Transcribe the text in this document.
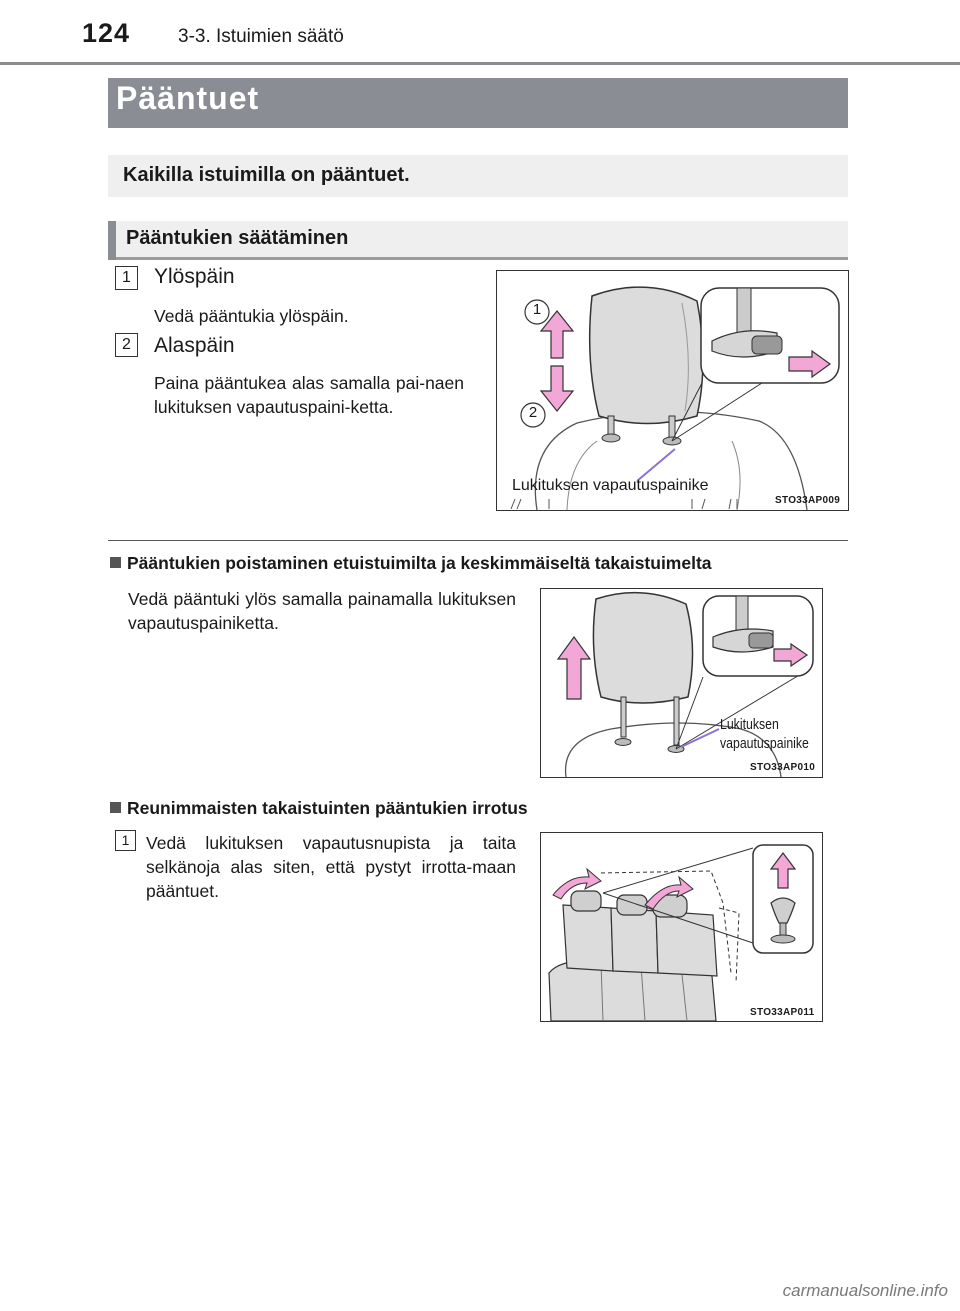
124	3-3. Istuimien säätö
Pääntuet
Kaikilla istuimilla on pääntuet.
Pääntukien säätäminen
1	Ylöspäin
Vedä pääntukia ylöspäin.
2	Alaspäin
Paina pääntukea alas samalla pai-naen lukituksen vapautuspaini-ketta.
1
2
Lukituksen vapautuspainike
STO33AP009
Pääntukien poistaminen etuistuimilta ja keskimmäiseltä takaistuimelta
Vedä pääntuki ylös samalla painamalla lukituksen vapautuspainiketta.
Lukituksen
vapautuspainike
STO33AP010
Reunimmaisten takaistuinten pääntukien irrotus
1 Vedä lukituksen vapautusnupista ja taita selkänoja alas siten, että pystyt irrotta-maan pääntuet.
STO33AP011
carmanualsonline.info
